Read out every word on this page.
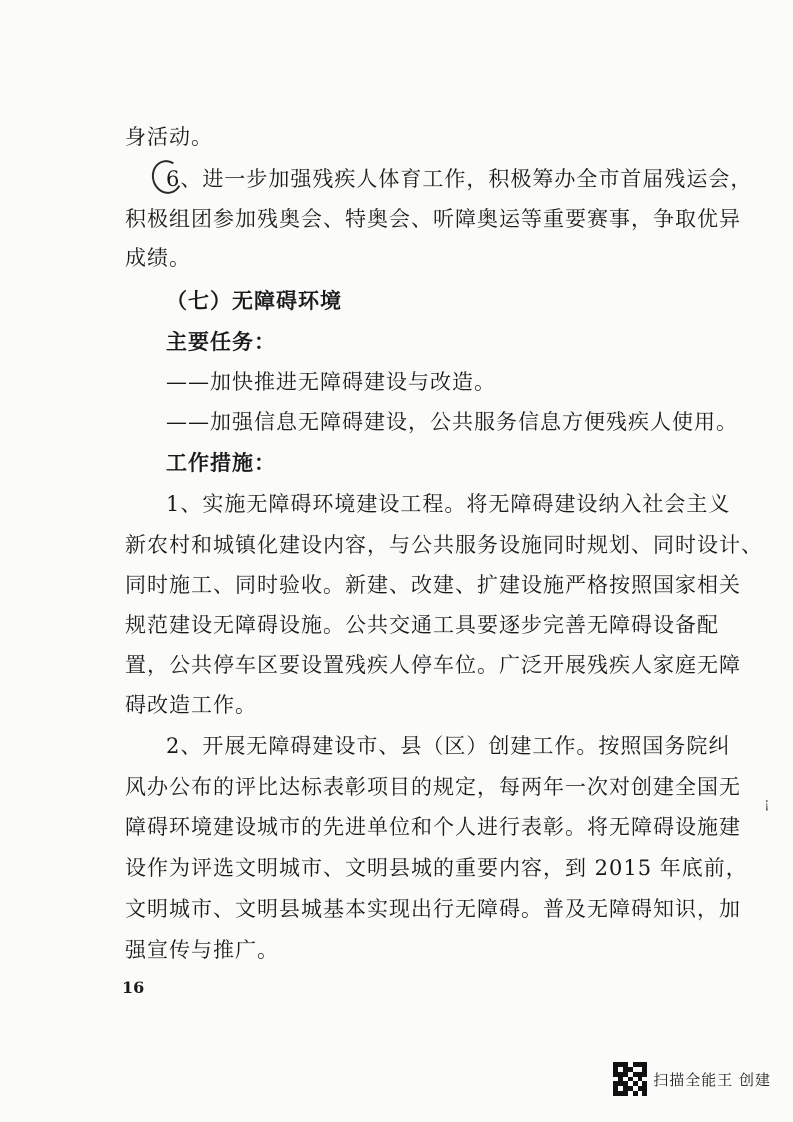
身活动。
6、进一步加强残疾人体育工作，积极筹办全市首届残运会，
积极组团参加残奥会、特奥会、听障奥运等重要赛事，争取优异
成绩。
（七）无障碍环境
主要任务：
——加快推进无障碍建设与改造。
——加强信息无障碍建设，公共服务信息方便残疾人使用。
工作措施：
1、实施无障碍环境建设工程。将无障碍建设纳入社会主义
新农村和城镇化建设内容，与公共服务设施同时规划、同时设计、
同时施工、同时验收。新建、改建、扩建设施严格按照国家相关
规范建设无障碍设施。公共交通工具要逐步完善无障碍设备配
置，公共停车区要设置残疾人停车位。广泛开展残疾人家庭无障
碍改造工作。
2、开展无障碍建设市、县（区）创建工作。按照国务院纠
风办公布的评比达标表彰项目的规定，每两年一次对创建全国无
障碍环境建设城市的先进单位和个人进行表彰。将无障碍设施建
设作为评选文明城市、文明县城的重要内容，到 2015 年底前，
文明城市、文明县城基本实现出行无障碍。普及无障碍知识，加
强宣传与推广。
16
¡
扫描全能王 创建
